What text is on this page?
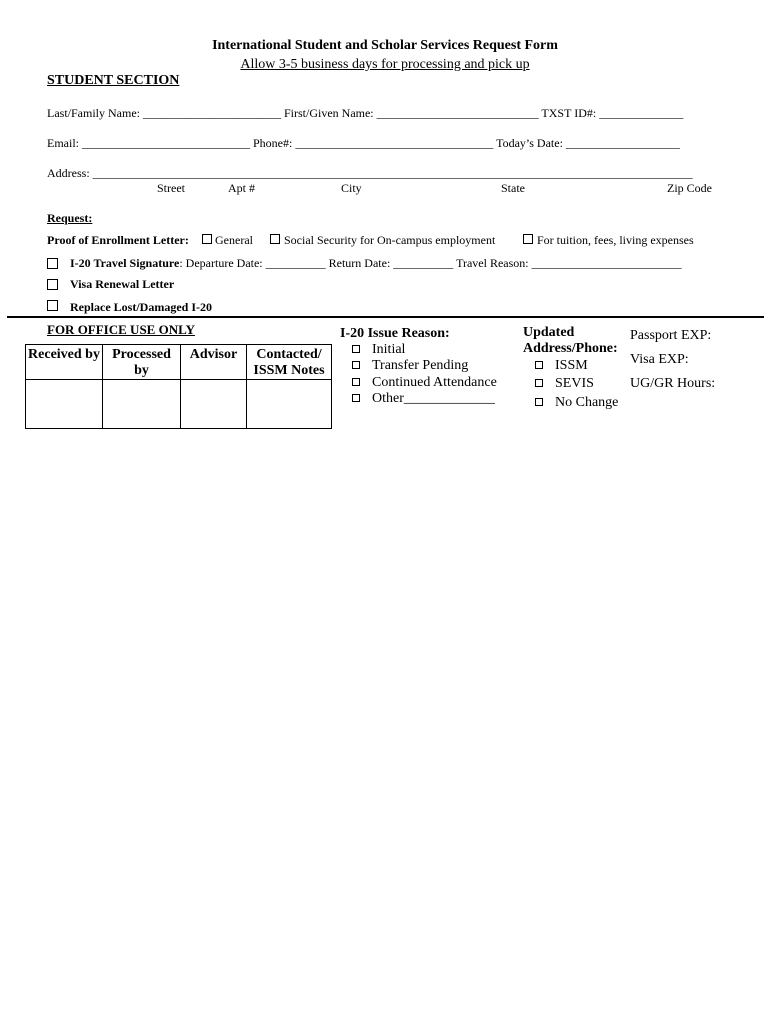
International Student and Scholar Services Request Form
Allow 3-5 business days for processing and pick up
STUDENT SECTION
Last/Family Name: _______________________ First/Given Name: ___________________________ TXST ID#: ______________
Email: ____________________________ Phone#: _________________________________ Today’s Date: ___________________
Address: ____________________________________________________________________________________________________
Street	Apt #	City	State	Zip Code
Request:
Proof of Enrollment Letter: General	Social Security for On-campus employment	For tuition, fees, living expenses
I-20 Travel Signature: Departure Date: __________ Return Date: __________ Travel Reason: _________________________
Visa Renewal Letter
Replace Lost/Damaged I-20
FOR OFFICE USE ONLY
Received by	Processed by	Advisor	Contacted/ ISSM Notes

I-20 Issue Reason:
Initial
Transfer Pending
Continued Attendance
Other_____________
Updated
Address/Phone:
ISSM
SEVIS
No Change
Passport EXP:
Visa EXP:
UG/GR Hours:
